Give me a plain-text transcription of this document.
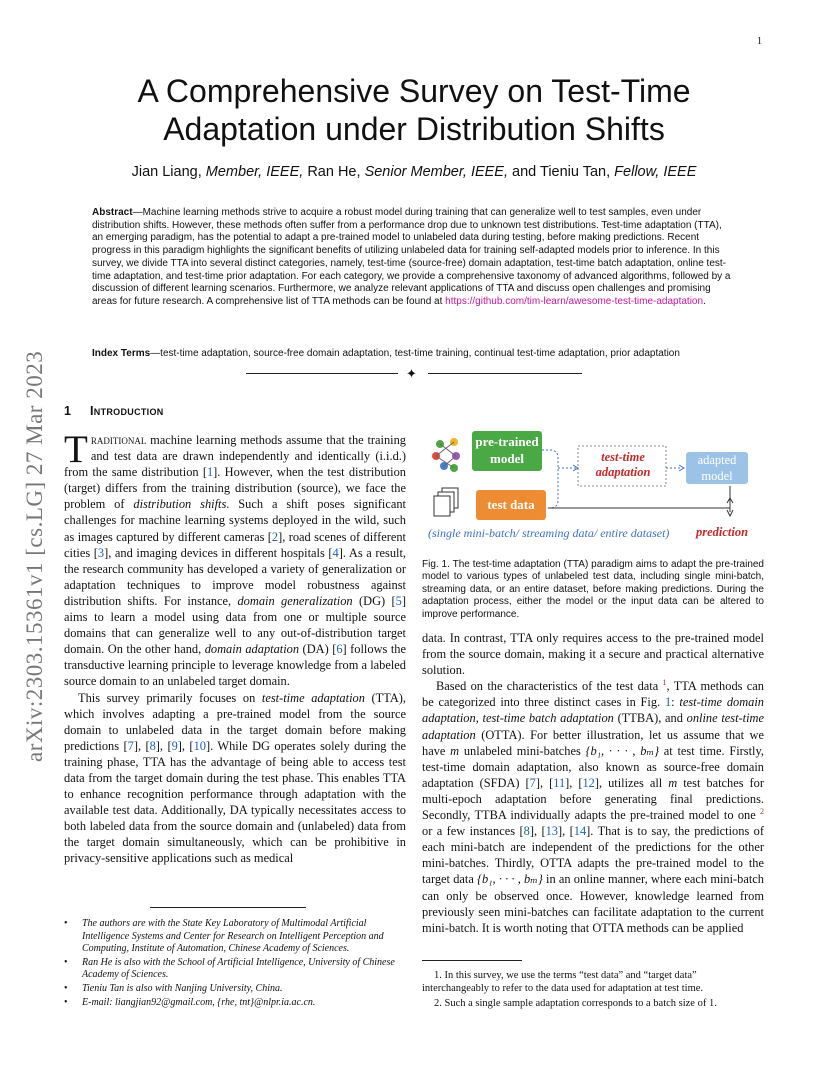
1
arXiv:2303.15361v1 [cs.LG] 27 Mar 2023
A Comprehensive Survey on Test-Time
Adaptation under Distribution Shifts
Jian Liang, Member, IEEE, Ran He, Senior Member, IEEE, and Tieniu Tan, Fellow, IEEE
Abstract—Machine learning methods strive to acquire a robust model during training that can generalize well to test samples, even under distribution shifts. However, these methods often suffer from a performance drop due to unknown test distributions. Test-time adaptation (TTA), an emerging paradigm, has the potential to adapt a pre-trained model to unlabeled data during testing, before making predictions. Recent progress in this paradigm highlights the significant benefits of utilizing unlabeled data for training self-adapted models prior to inference. In this survey, we divide TTA into several distinct categories, namely, test-time (source-free) domain adaptation, test-time batch adaptation, online test-time adaptation, and test-time prior adaptation. For each category, we provide a comprehensive taxonomy of advanced algorithms, followed by a discussion of different learning scenarios. Furthermore, we analyze relevant applications of TTA and discuss open challenges and promising areas for future research. A comprehensive list of TTA methods can be found at https://github.com/tim-learn/awesome-test-time-adaptation.
Index Terms—test-time adaptation, source-free domain adaptation, test-time training, continual test-time adaptation, prior adaptation
✦
1 Introduction

Traditional machine learning methods assume that the training and test data are drawn independently and identically (i.i.d.) from the same distribution [1]. However, when the test distribution (target) differs from the training distribution (source), we face the problem of distribution shifts. Such a shift poses significant challenges for machine learning systems deployed in the wild, such as images captured by different cameras [2], road scenes of different cities [3], and imaging devices in different hospitals [4]. As a result, the research community has developed a variety of generalization or adaptation techniques to improve model robustness against distribution shifts. For instance, domain generalization (DG) [5] aims to learn a model using data from one or multiple source domains that can generalize well to any out-of-distribution target domain. On the other hand, domain adaptation (DA) [6] follows the transductive learning principle to leverage knowledge from a labeled source domain to an unlabeled target domain.

This survey primarily focuses on test-time adaptation (TTA), which involves adapting a pre-trained model from the source domain to unlabeled data in the target domain before making predictions [7], [8], [9], [10]. While DG operates solely during the training phase, TTA has the advantage of being able to access test data from the target domain during the test phase. This enables TTA to enhance recognition performance through adaptation with the available test data. Additionally, DA typically necessitates access to both labeled data from the source domain and (unlabeled) data from the target domain simultaneously, which can be prohibitive in privacy-sensitive applications such as medical

• The authors are with the State Key Laboratory of Multimodal Artificial Intelligence Systems and Center for Research on Intelligent Perception and Computing, Institute of Automation, Chinese Academy of Sciences.
• Ran He is also with the School of Artificial Intelligence, University of Chinese Academy of Sciences.
• Tieniu Tan is also with Nanjing University, China.
• E-mail: liangjian92@gmail.com, {rhe, tnt}@nlpr.ia.ac.cn.
pre-trained
model
test data
test-time
adaptation
adapted
model
(single mini-batch/ streaming data/ entire dataset) prediction
Fig. 1. The test-time adaptation (TTA) paradigm aims to adapt the pre-trained model to various types of unlabeled test data, including single mini-batch, streaming data, or an entire dataset, before making predictions. During the adaptation process, either the model or the input data can be altered to improve performance.

data. In contrast, TTA only requires access to the pre-trained model from the source domain, making it a secure and practical alternative solution.

Based on the characteristics of the test data $^1$, TTA methods can be categorized into three distinct cases in Fig. 1: test-time domain adaptation, test-time batch adaptation (TTBA), and online test-time adaptation (OTTA). For better illustration, let us assume that we have m unlabeled mini-batches {b₁, · · · , bₘ} at test time. Firstly, test-time domain adaptation, also known as source-free domain adaptation (SFDA) [7], [11], [12], utilizes all m test batches for multi-epoch adaptation before generating final predictions. Secondly, TTBA individually adapts the pre-trained model to one $^2$ or a few instances [8], [13], [14]. That is to say, the predictions of each mini-batch are independent of the predictions for the other mini-batches. Thirdly, OTTA adapts the pre-trained model to the target data {b₁, · · · , bₘ} in an online manner, where each mini-batch can only be observed once. However, knowledge learned from previously seen mini-batches can facilitate adaptation to the current mini-batch. It is worth noting that OTTA methods can be applied

1. In this survey, we use the terms “test data” and “target data” interchangeably to refer to the data used for adaptation at test time.
2. Such a single sample adaptation corresponds to a batch size of 1.
